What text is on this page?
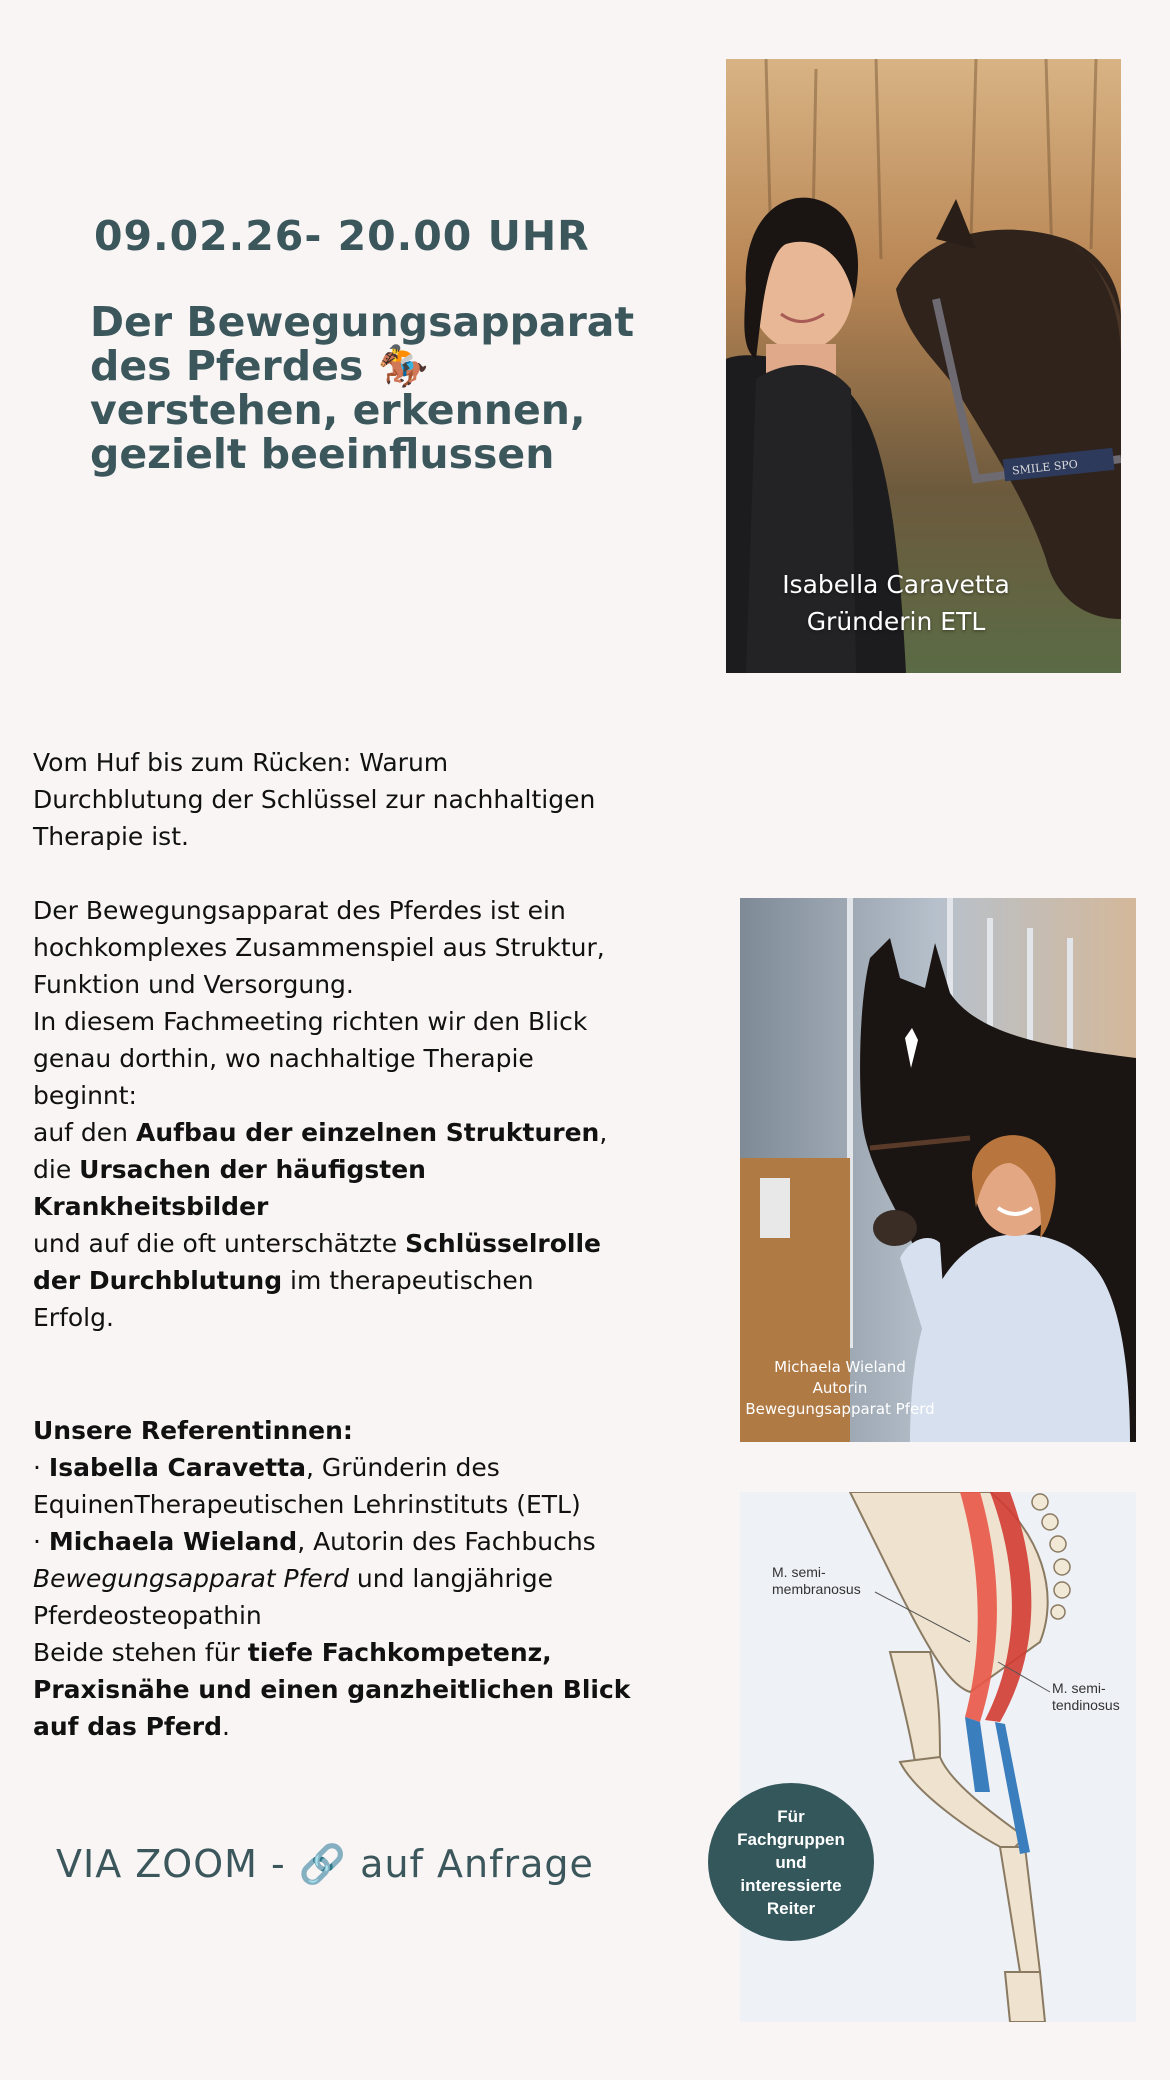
09.02.26- 20.00 UHR
Der Bewegungsapparat
des Pferdes 🏇
verstehen, erkennen,
gezielt beeinflussen	SMILE SPO
Isabella Caravetta
Gründerin ETL
Vom Huf bis zum Rücken: Warum
Durchblutung der Schlüssel zur nachhaltigen
Therapie ist.
Der Bewegungsapparat des Pferdes ist ein
hochkomplexes Zusammenspiel aus Struktur,
Funktion und Versorgung.
In diesem Fachmeeting richten wir den Blick
genau dorthin, wo nachhaltige Therapie
beginnt:
auf den Aufbau der einzelnen Strukturen,
die Ursachen der häufigsten
Krankheitsbilder
und auf die oft unterschätzte Schlüsselrolle
der Durchblutung im therapeutischen
Erfolg.
Michaela Wieland
Autorin
Bewegungsapparat Pferd
Unsere Referentinnen:
· Isabella Caravetta, Gründerin des
EquinenTherapeutischen Lehrinstituts (ETL)
· Michaela Wieland, Autorin des Fachbuchs
Bewegungsapparat Pferd und langjährige
Pferdeosteopathin
Beide stehen für tiefe Fachkompetenz,
Praxisnähe und einen ganzheitlichen Blick
auf das Pferd.
M. semi-
membranosus
M. semi-
tendinosus
Für
Fachgruppen
und
interessierte
Reiter
VIA ZOOM - 🔗 auf Anfrage
